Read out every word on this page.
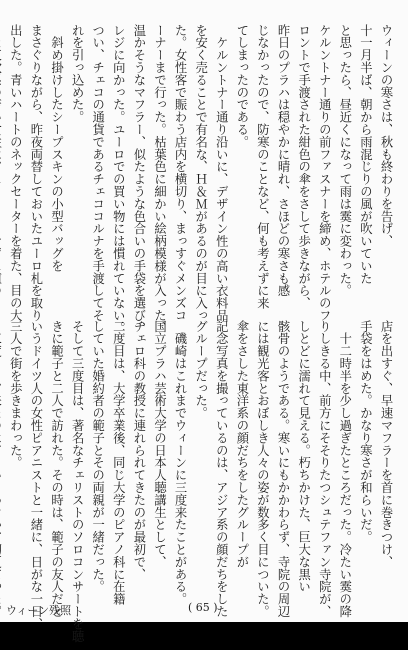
ウィーンの寒さは、秋も終わりを告げ、

十一月半ば、朝から雨混じりの風が吹いていた

と思ったら、昼近くになって雨は霙に変わった。

ケルントナー通りの前ファスナーを締め、ホテルのフ

ロントで手渡された紺色の傘をさして歩きながら、

昨日のプラハは穏やかに晴れ、さほどの寒さも感

じなかったので、防寒のことなど、何も考えずに来

てしまったのである。

　ケルントナー通り沿いに、デザイン性の高い衣料品

を安く売ることで有名な、Ｈ＆Ｍがあるのが目に入っ

た。女性客で賑わう店内を横切り、まっすぐメンズコ

ーナーまで行った。枯葉色に細かい絵柄模様が入った、

温かそうなマフラー、似たような色合いの手袋を選び、

レジに向かった。ユーロでの買い物には慣れていない。

つい、チェコの通貨であるチェココルナを手渡してそ

れを引っ込めた。

　斜め掛けしたシープスキンの小型バッグを

まさぐりながら、昨夜両替しておいたユーロ札を取り

出した。青いハートのネックセーターを着た、目の大

店を出すぐ、早速マフラーを首に巻きつけ、

手袋をはめた。かなり寒さが和らいだ。

　十二時半を少し過ぎたところだった。冷たい霙の降

りしきる中、前方にそそりたつシュテファン寺院が、

しとどに濡れて見える。朽ちかけた、巨大な黒い

骸骨のようである。寒いにもかかわらず、寺院の周辺

には観光客とおぼしき人々の姿が数多く目についた。

傘をさした東洋系の顔だちをしたグループが

記念写真を撮っているのは、アジア系の顔だちをした

グループだった。

　磯崎はこれまでウィーンに三度来たことがある。

国立プラハ芸術大学の日本人聴講生として、

チェロ科の教授に連れられてきたのが最初で、

二度目は、大学卒業後、同じ大学のピアノ科に在籍

していた婚約者の範子とその両親が一緒だった。

そして三度目は、著名なチェリストのソロコンサートを聴

きに範子と二人で訪れた。その時は、範子の友人だと

いうドイツ人の女性ピアニストと一緒に、日がな一日、

三人で街を歩きまわった。

ウィーン残照	( 65 )
